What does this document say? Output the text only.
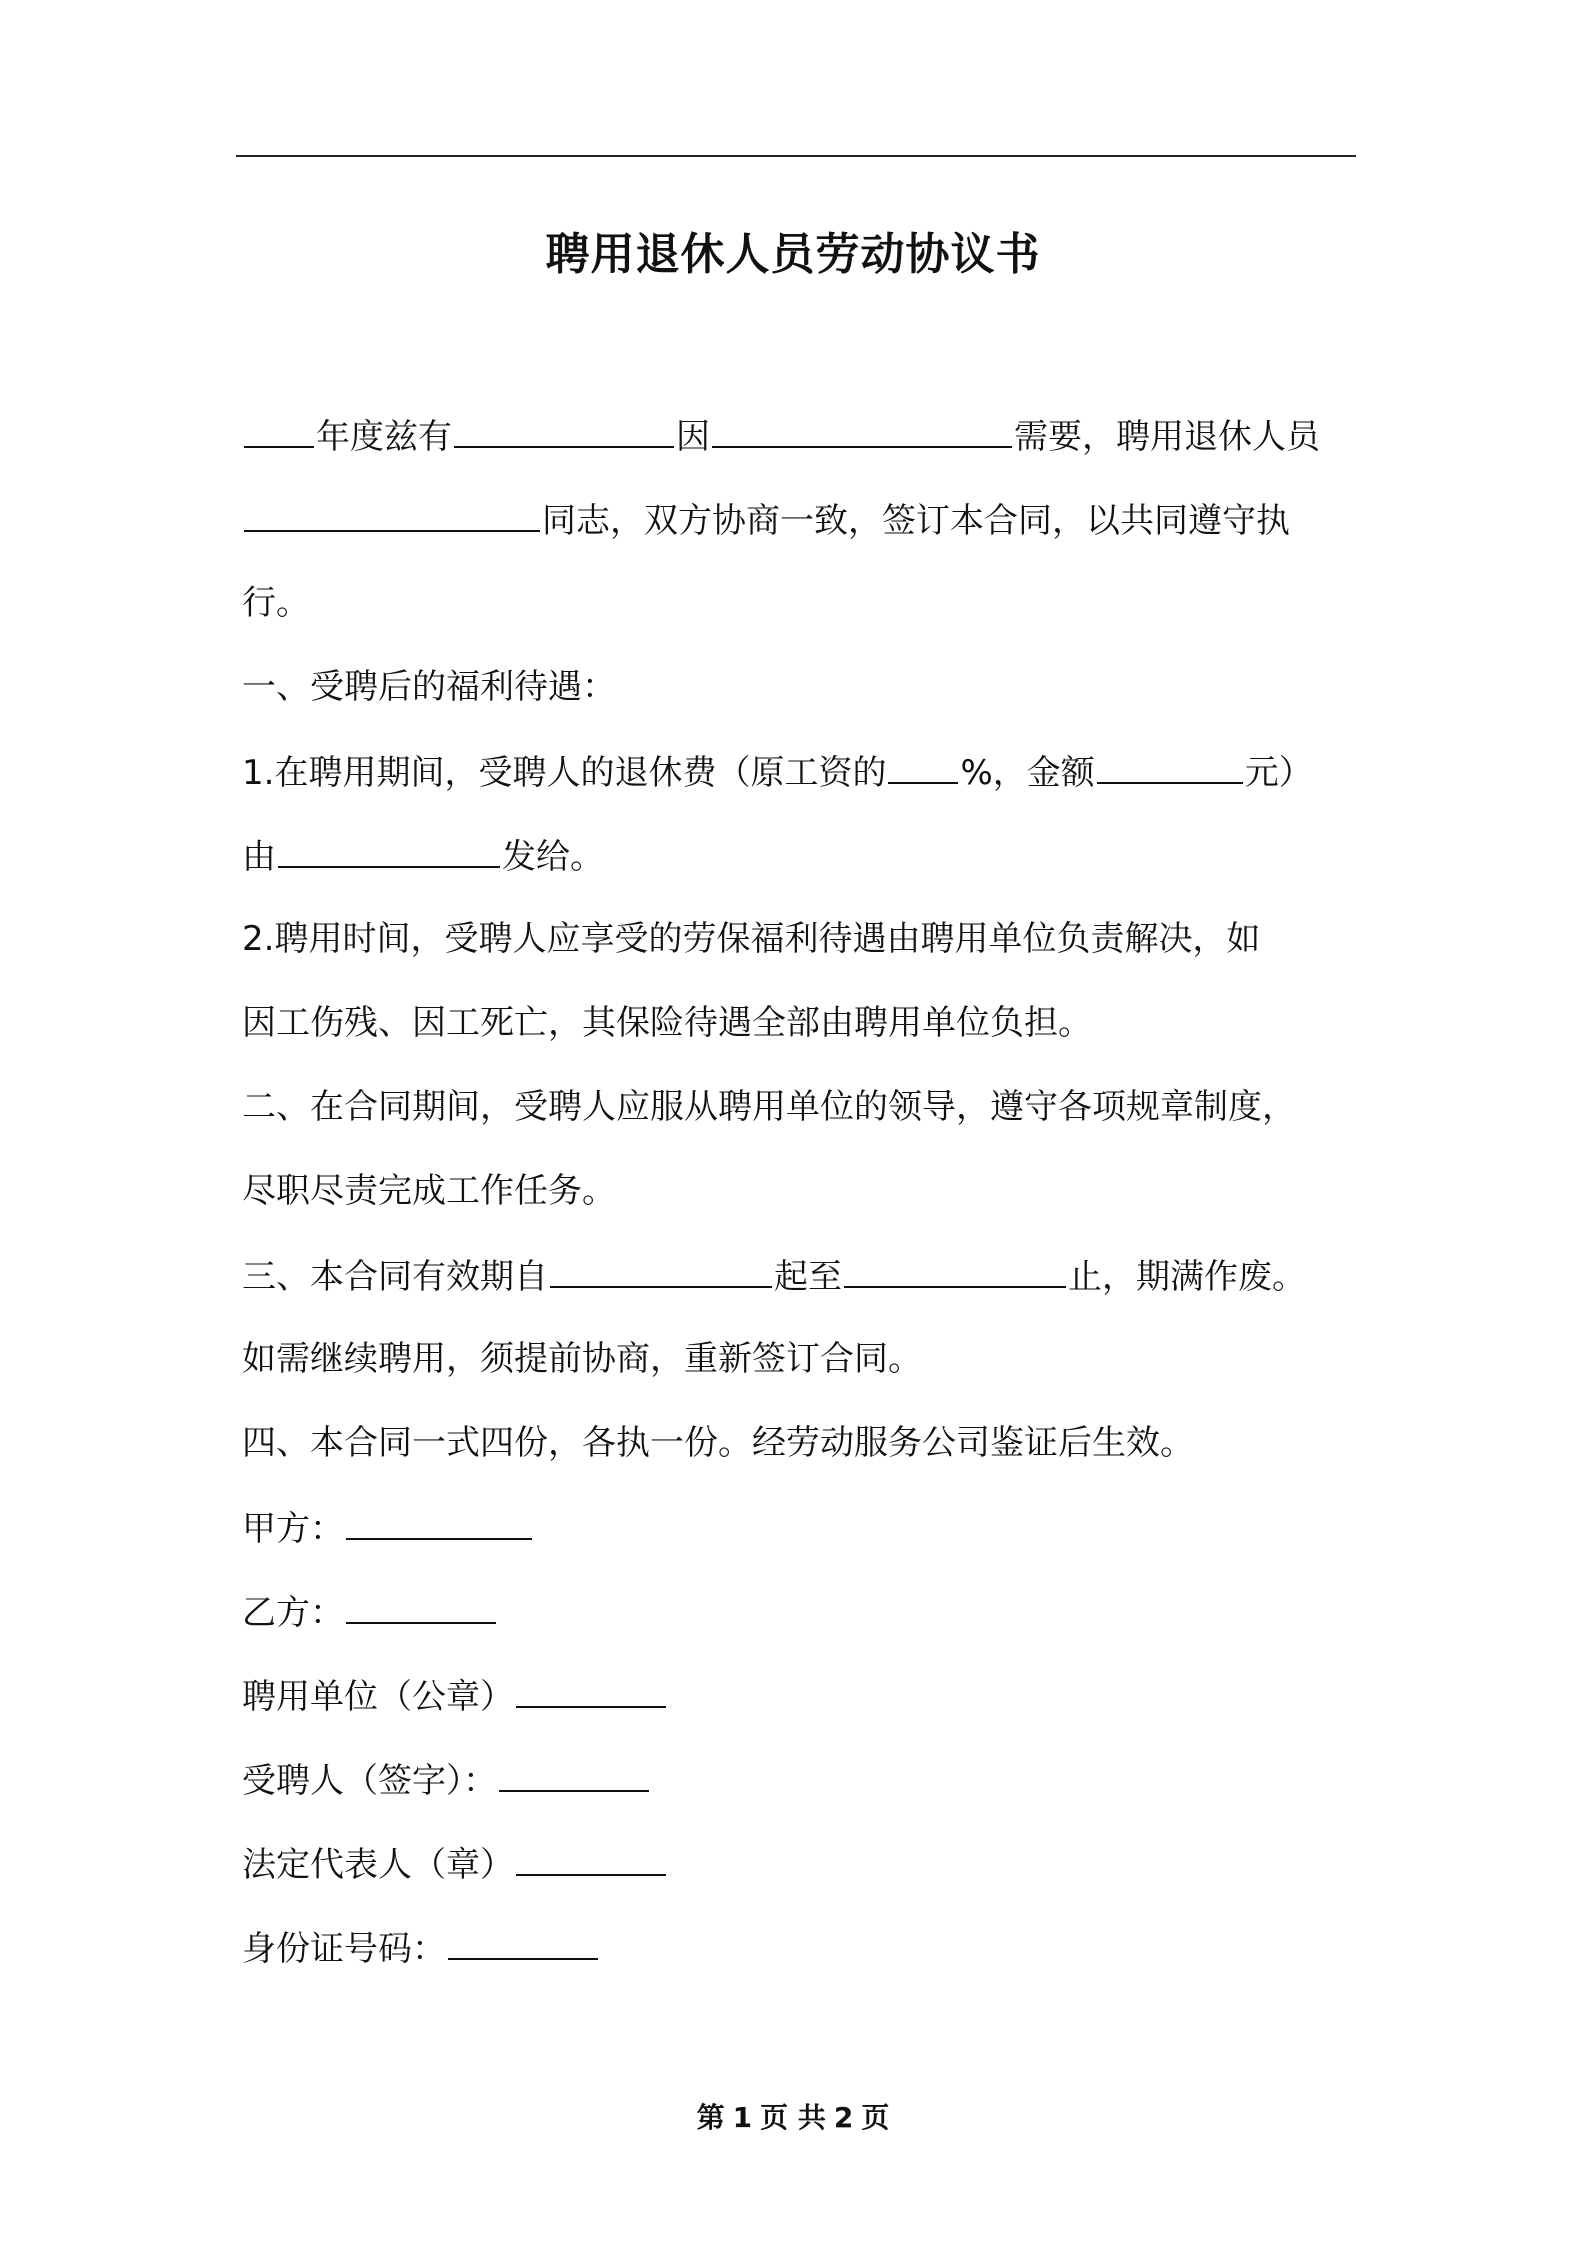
聘用退休人员劳动协议书
年度兹有	因	需要，聘用退休人员
同志，双方协商一致，签订本合同，以共同遵守执
行。
一、受聘后的福利待遇：
1.在聘用期间，受聘人的退休费（原工资的 %，金额	元）
由	发给。
2.聘用时间，受聘人应享受的劳保福利待遇由聘用单位负责解决，如
因工伤残、因工死亡，其保险待遇全部由聘用单位负担。
二、在合同期间，受聘人应服从聘用单位的领导，遵守各项规章制度，
尽职尽责完成工作任务。
三、本合同有效期自	起至	止，期满作废。
如需继续聘用，须提前协商，重新签订合同。
四、本合同一式四份，各执一份。经劳动服务公司鉴证后生效。
甲方：
乙方：
聘用单位（公章）
受聘人（签字）：
法定代表人（章）
身份证号码：
第 1 页 共 2 页
